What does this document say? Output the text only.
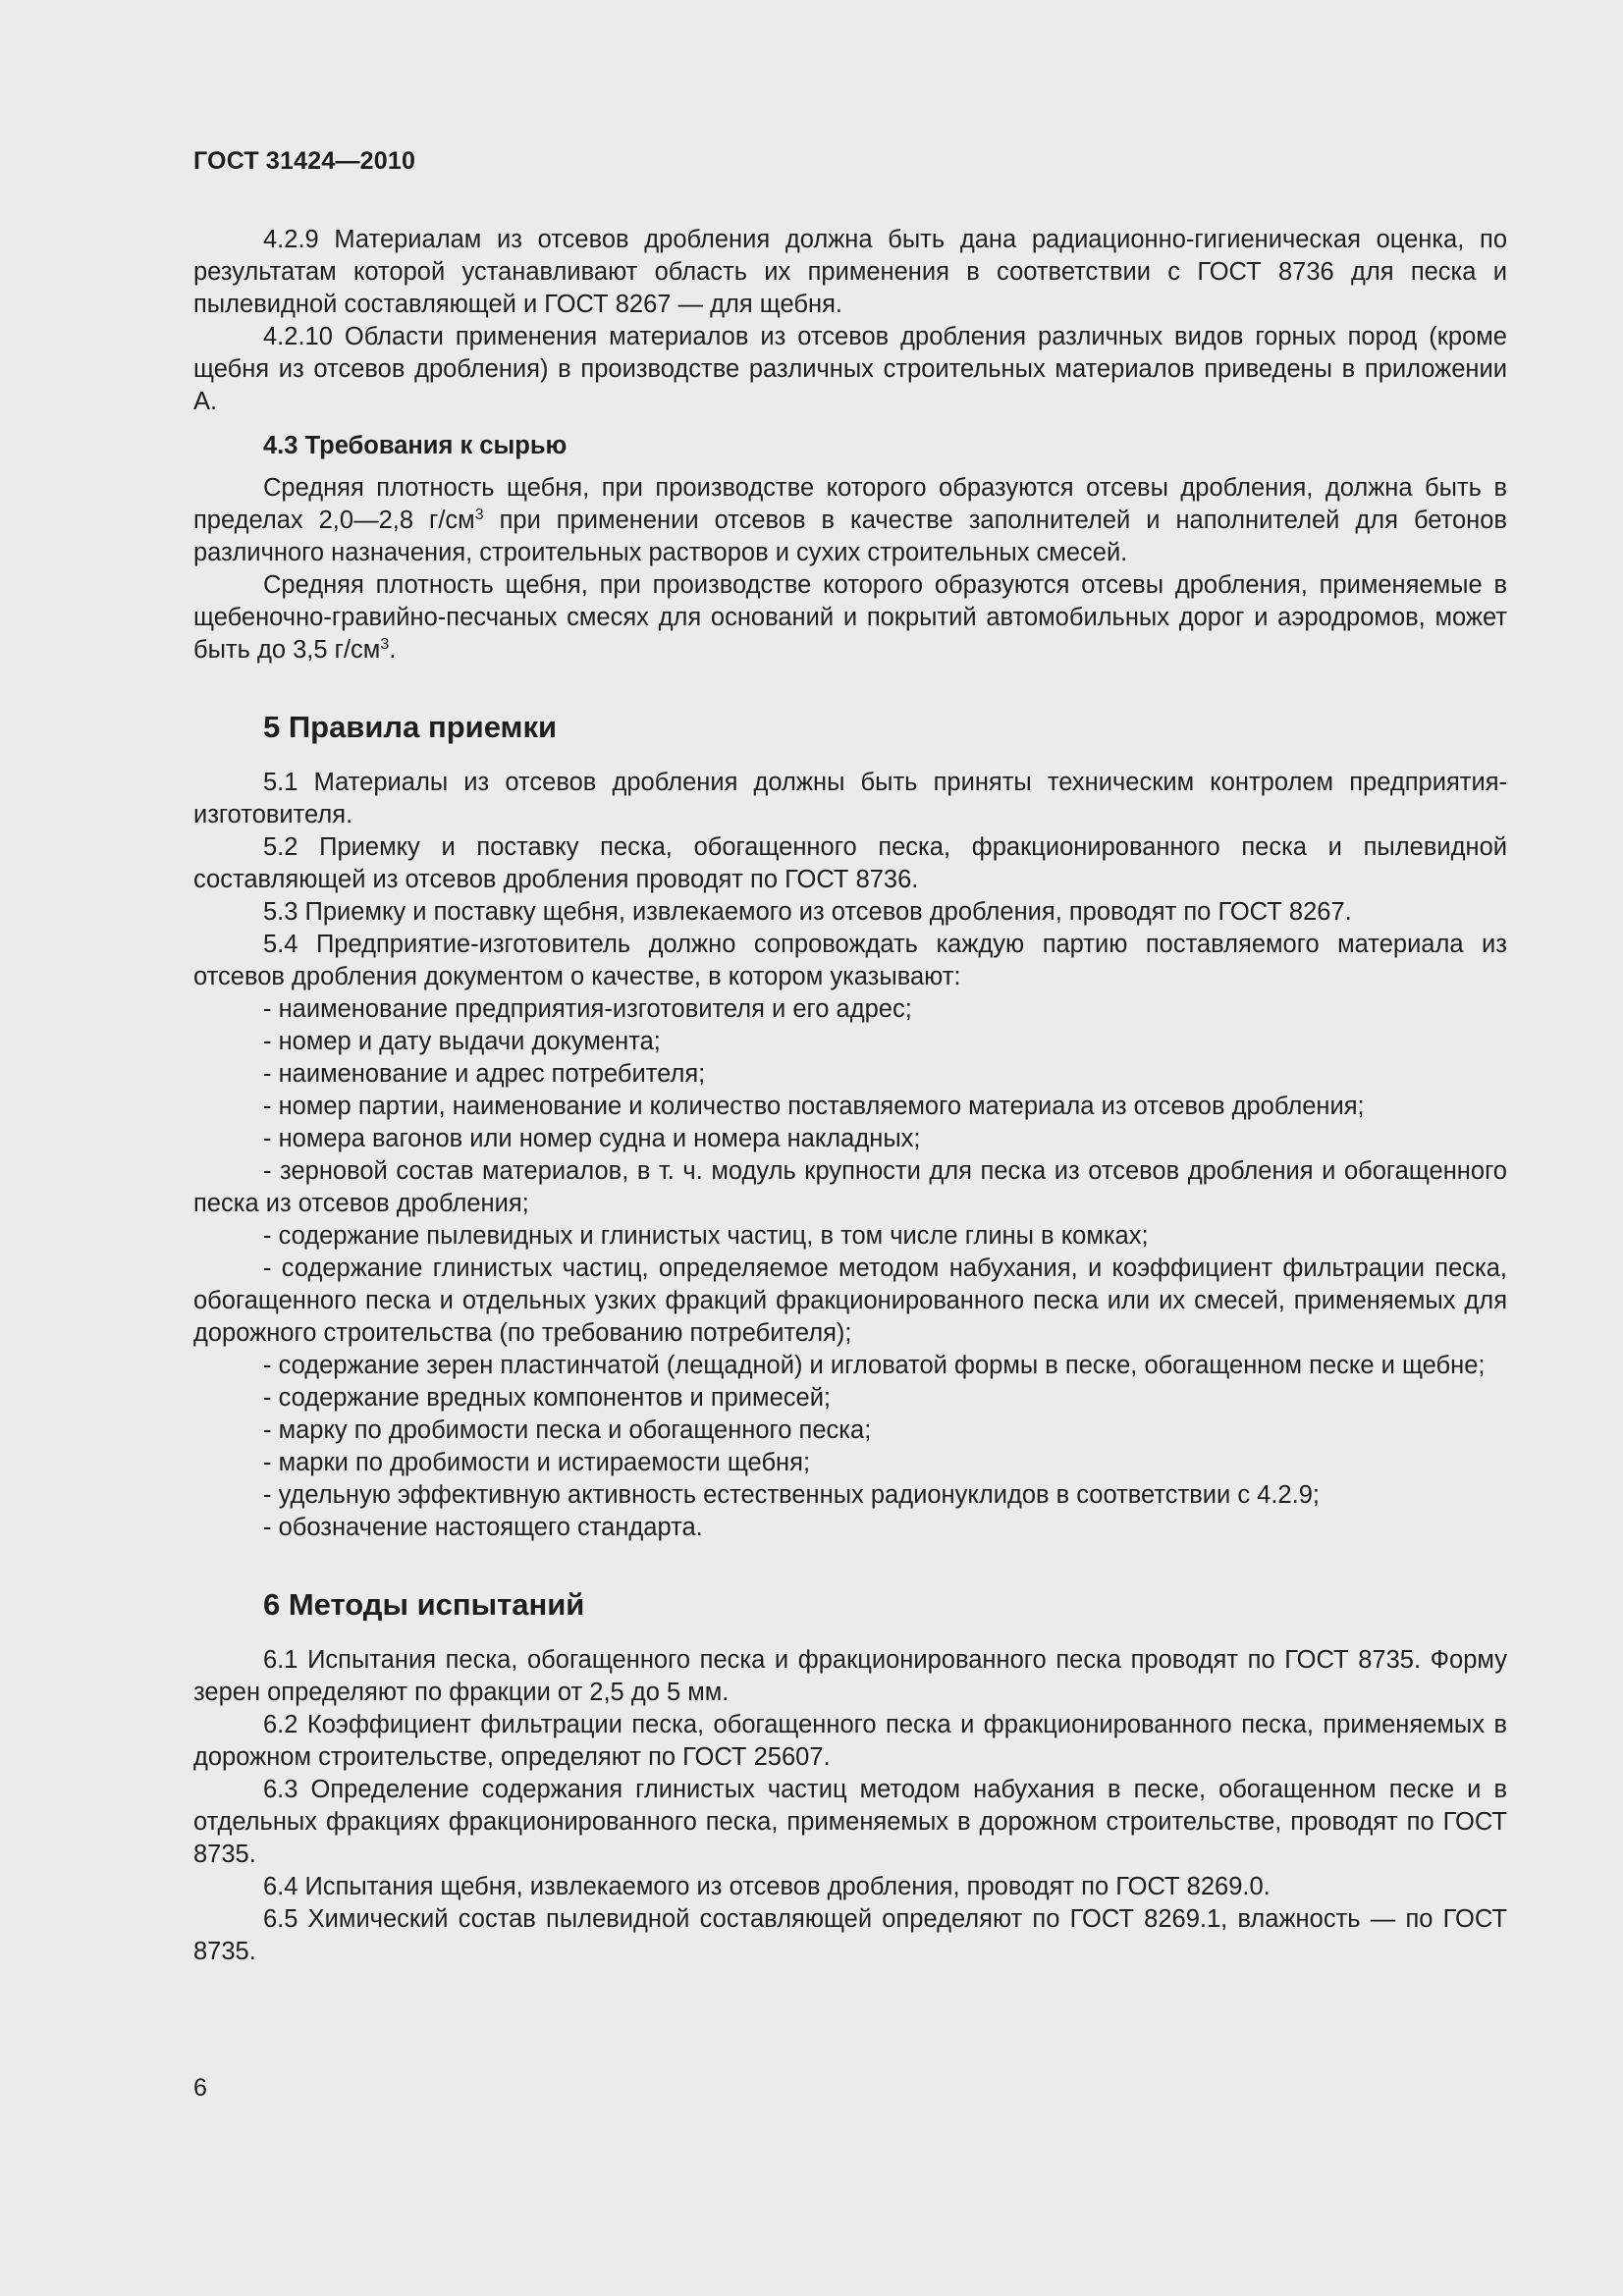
ГОСТ 31424—2010

4.2.9 Материалам из отсевов дробления должна быть дана радиационно-гигиеническая оценка, по результатам которой устанавливают область их применения в соответствии с ГОСТ 8736 для песка и пылевидной составляющей и ГОСТ 8267 — для щебня.

4.2.10 Области применения материалов из отсевов дробления различных видов горных пород (кроме щебня из отсевов дробления) в производстве различных строительных материалов приведены в приложении А.

4.3 Требования к сырью

Средняя плотность щебня, при производстве которого образуются отсевы дробления, должна быть в пределах 2,0—2,8 $г/см^3$ при применении отсевов в качестве заполнителей и наполнителей для бетонов различного назначения, строительных растворов и сухих строительных смесей.

Средняя плотность щебня, при производстве которого образуются отсевы дробления, применяемые в щебеночно-гравийно-песчаных смесях для оснований и покрытий автомобильных дорог и аэродромов, может быть до 3,5 $г/см^3$.

5 Правила приемки

5.1 Материалы из отсевов дробления должны быть приняты техническим контролем предприятия-изготовителя.

5.2 Приемку и поставку песка, обогащенного песка, фракционированного песка и пылевидной составляющей из отсевов дробления проводят по ГОСТ 8736.

5.3 Приемку и поставку щебня, извлекаемого из отсевов дробления, проводят по ГОСТ 8267.

5.4 Предприятие-изготовитель должно сопровождать каждую партию поставляемого материала из отсевов дробления документом о качестве, в котором указывают:

- наименование предприятия-изготовителя и его адрес;

- номер и дату выдачи документа;

- наименование и адрес потребителя;

- номер партии, наименование и количество поставляемого материала из отсевов дробления;

- номера вагонов или номер судна и номера накладных;

- зерновой состав материалов, в т. ч. модуль крупности для песка из отсевов дробления и обогащенного песка из отсевов дробления;

- содержание пылевидных и глинистых частиц, в том числе глины в комках;

- содержание глинистых частиц, определяемое методом набухания, и коэффициент фильтрации песка, обогащенного песка и отдельных узких фракций фракционированного песка или их смесей, применяемых для дорожного строительства (по требованию потребителя);

- содержание зерен пластинчатой (лещадной) и игловатой формы в песке, обогащенном песке и щебне;

- содержание вредных компонентов и примесей;

- марку по дробимости песка и обогащенного песка;

- марки по дробимости и истираемости щебня;

- удельную эффективную активность естественных радионуклидов в соответствии с 4.2.9;

- обозначение настоящего стандарта.

6 Методы испытаний

6.1 Испытания песка, обогащенного песка и фракционированного песка проводят по ГОСТ 8735. Форму зерен определяют по фракции от 2,5 до 5 мм.

6.2 Коэффициент фильтрации песка, обогащенного песка и фракционированного песка, применяемых в дорожном строительстве, определяют по ГОСТ 25607.

6.3 Определение содержания глинистых частиц методом набухания в песке, обогащенном песке и в отдельных фракциях фракционированного песка, применяемых в дорожном строительстве, проводят по ГОСТ 8735.

6.4 Испытания щебня, извлекаемого из отсевов дробления, проводят по ГОСТ 8269.0.

6.5 Химический состав пылевидной составляющей определяют по ГОСТ 8269.1, влажность — по ГОСТ 8735.

6
